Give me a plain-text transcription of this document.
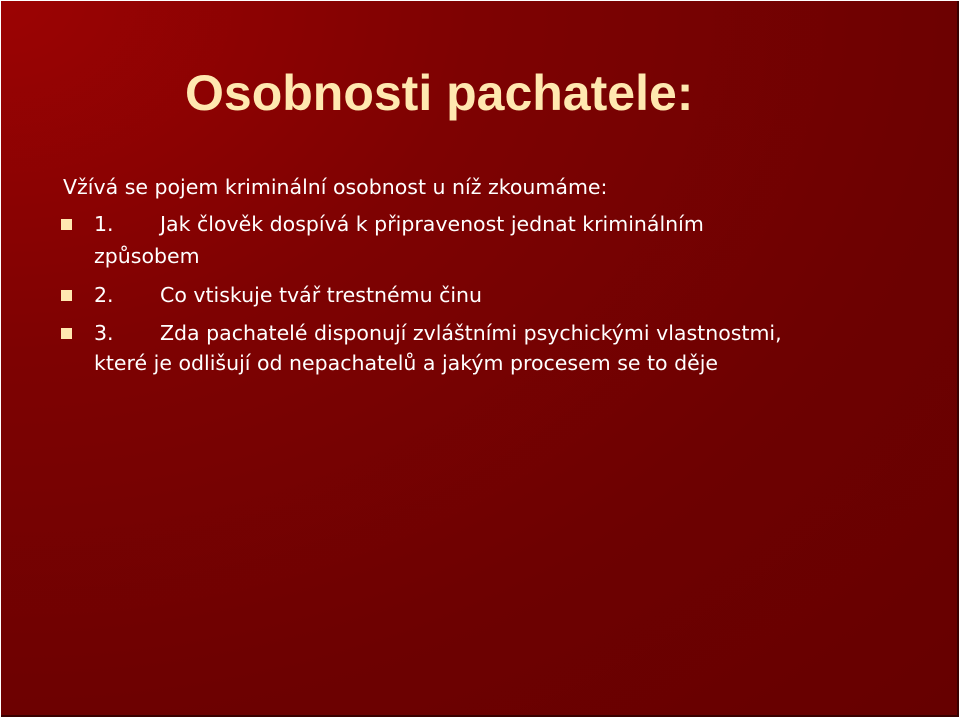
Osobnosti pachatele:
Vžívá se pojem kriminální osobnost u níž zkoumáme:
1. Jak člověk dospívá k připravenost jednat kriminálním
způsobem
2. Co vtiskuje tvář trestnému činu
3. Zda pachatelé disponují zvláštními psychickými vlastnostmi,
které je odlišují od nepachatelů a jakým procesem se to děje
